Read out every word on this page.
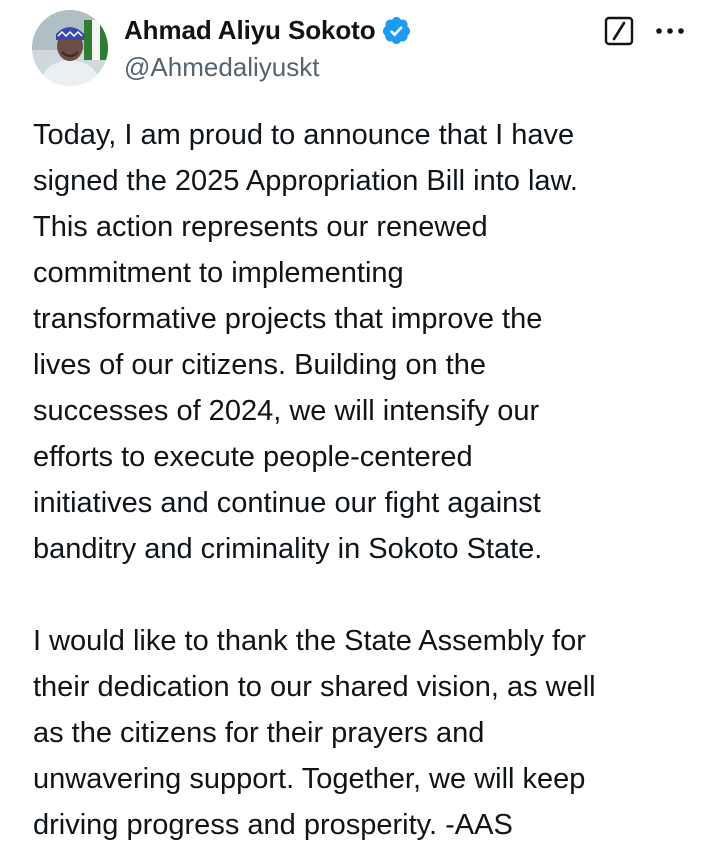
Ahmad Aliyu Sokoto
@Ahmedaliyuskt

Today, I am proud to announce that I have
signed the 2025 Appropriation Bill into law.
This action represents our renewed
commitment to implementing
transformative projects that improve the
lives of our citizens. Building on the
successes of 2024, we will intensify our
efforts to execute people-centered
initiatives and continue our fight against
banditry and criminality in Sokoto State.

I would like to thank the State Assembly for
their dedication to our shared vision, as well
as the citizens for their prayers and
unwavering support. Together, we will keep
driving progress and prosperity. -AAS
